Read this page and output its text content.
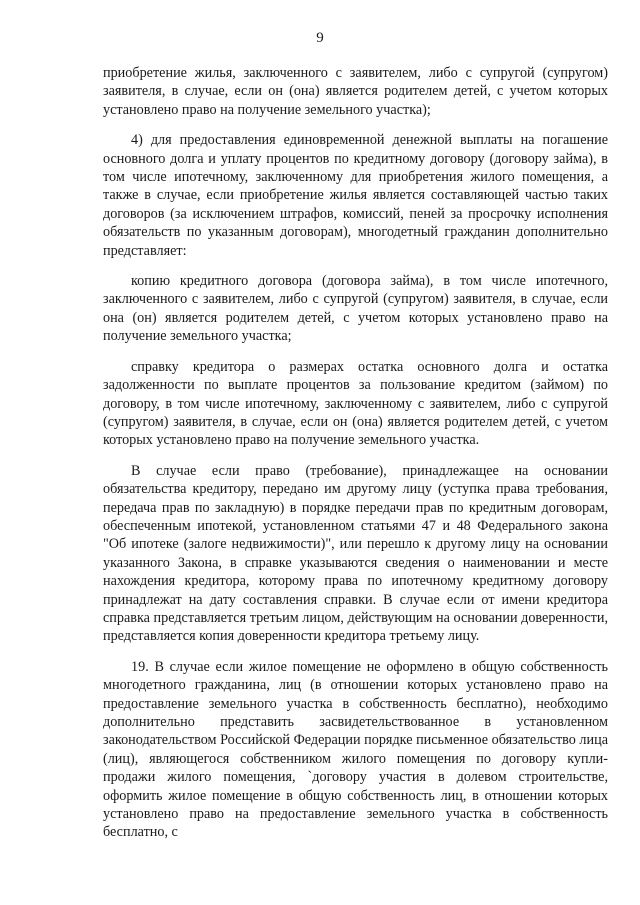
9

приобретение жилья, заключенного с заявителем, либо с супругой (супругом) заявителя, в случае, если он (она) является родителем детей, с учетом которых установлено право на получение земельного участка);

4) для предоставления единовременной денежной выплаты на погашение основного долга и уплату процентов по кредитному договору (договору займа), в том числе ипотечному, заключенному для приобретения жилого помещения, а также в случае, если приобретение жилья является составляющей частью таких договоров (за исключением штрафов, комиссий, пеней за просрочку исполнения обязательств по указанным договорам), многодетный гражданин дополнительно представляет:

копию кредитного договора (договора займа), в том числе ипотечного, заключенного с заявителем, либо с супругой (супругом) заявителя, в случае, если она (он) является родителем детей, с учетом которых установлено право на получение земельного участка;

справку кредитора о размерах остатка основного долга и остатка задолженности по выплате процентов за пользование кредитом (займом) по договору, в том числе ипотечному, заключенному с заявителем, либо с супругой (супругом) заявителя, в случае, если он (она) является родителем детей, с учетом которых установлено право на получение земельного участка.

В случае если право (требование), принадлежащее на основании обязательства кредитору, передано им другому лицу (уступка права требования, передача прав по закладную) в порядке передачи прав по кредитным договорам, обеспеченным ипотекой, установленном статьями 47 и 48 Федерального закона "Об ипотеке (залоге недвижимости)", или перешло к другому лицу на основании указанного Закона, в справке указываются сведения о наименовании и месте нахождения кредитора, которому права по ипотечному кредитному договору принадлежат на дату составления справки. В случае если от имени кредитора справка представляется третьим лицом, действующим на основании доверенности, представляется копия доверенности кредитора третьему лицу.

19. В случае если жилое помещение не оформлено в общую собственность многодетного гражданина, лиц (в отношении которых установлено право на предоставление земельного участка в собственность бесплатно), необходимо дополнительно представить засвидетельствованное в установленном законодательством Российской Федерации порядке письменное обязательство лица (лиц), являющегося собственником жилого помещения по договору купли-продажи жилого помещения, `договору участия в долевом строительстве, оформить жилое помещение в общую собственность лиц, в отношении которых установлено право на предоставление земельного участка в собственность бесплатно, с
